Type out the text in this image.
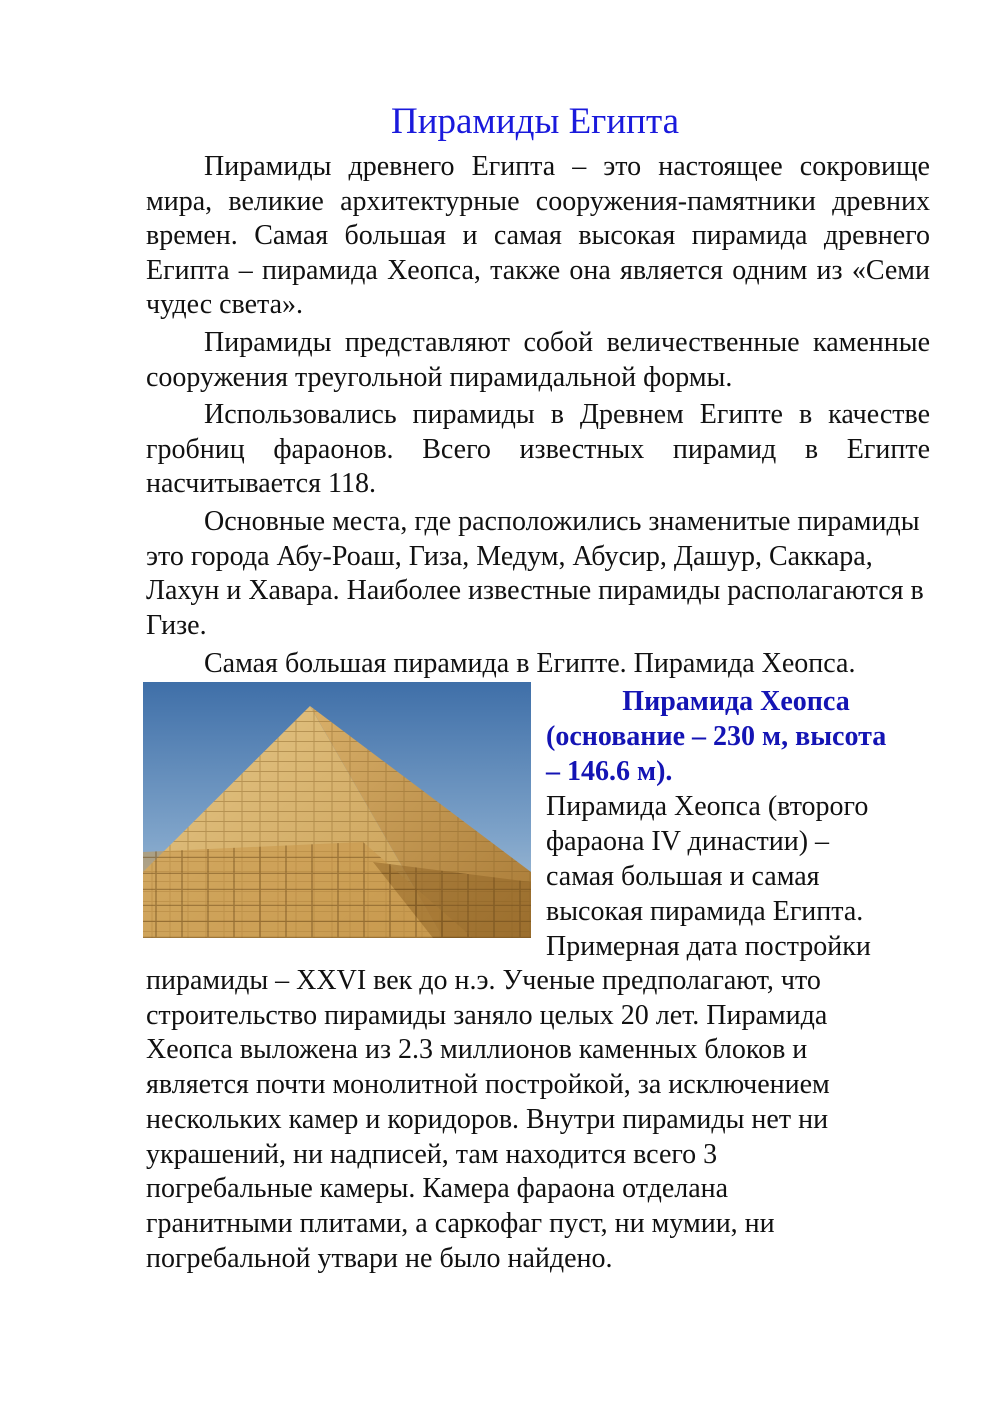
Пирамиды Египта

Пирамиды древнего Египта – это настоящее сокровище мира, великие архитектурные сооружения-памятники древних времен. Самая большая и самая высокая пирамида древнего Египта – пирамида Хеопса, также она является одним из «Семи чудес света».

Пирамиды представляют собой величественные каменные сооружения треугольной пирамидальной формы.

Использовались пирамиды в Древнем Египте в качестве гробниц фараонов. Всего известных пирамид в Египте насчитывается 118.

Основные места, где расположились знаменитые пирамиды это города Абу-Роаш, Гиза, Медум, Абусир, Дашур, Саккара, Лахун и Хавара. Наиболее известные пирамиды располагаются в Гизе.

Самая большая пирамида в Египте. Пирамида Хеопса.

Пирамида Хеопса
(основание – 230 м, высота
– 146.6 м).
Пирамида Хеопса (второго
фараона IV династии) –
самая большая и самая
высокая пирамида Египта.
Примерная дата постройки
пирамиды – XXVI век до н.э. Ученые предполагают, что
строительство пирамиды заняло целых 20 лет. Пирамида
Хеопса выложена из 2.3 миллионов каменных блоков и
является почти монолитной постройкой, за исключением
нескольких камер и коридоров. Внутри пирамиды нет ни
украшений, ни надписей, там находится всего 3
погребальные камеры. Камера фараона отделана
гранитными плитами, а саркофаг пуст, ни мумии, ни
погребальной утвари не было найдено.
